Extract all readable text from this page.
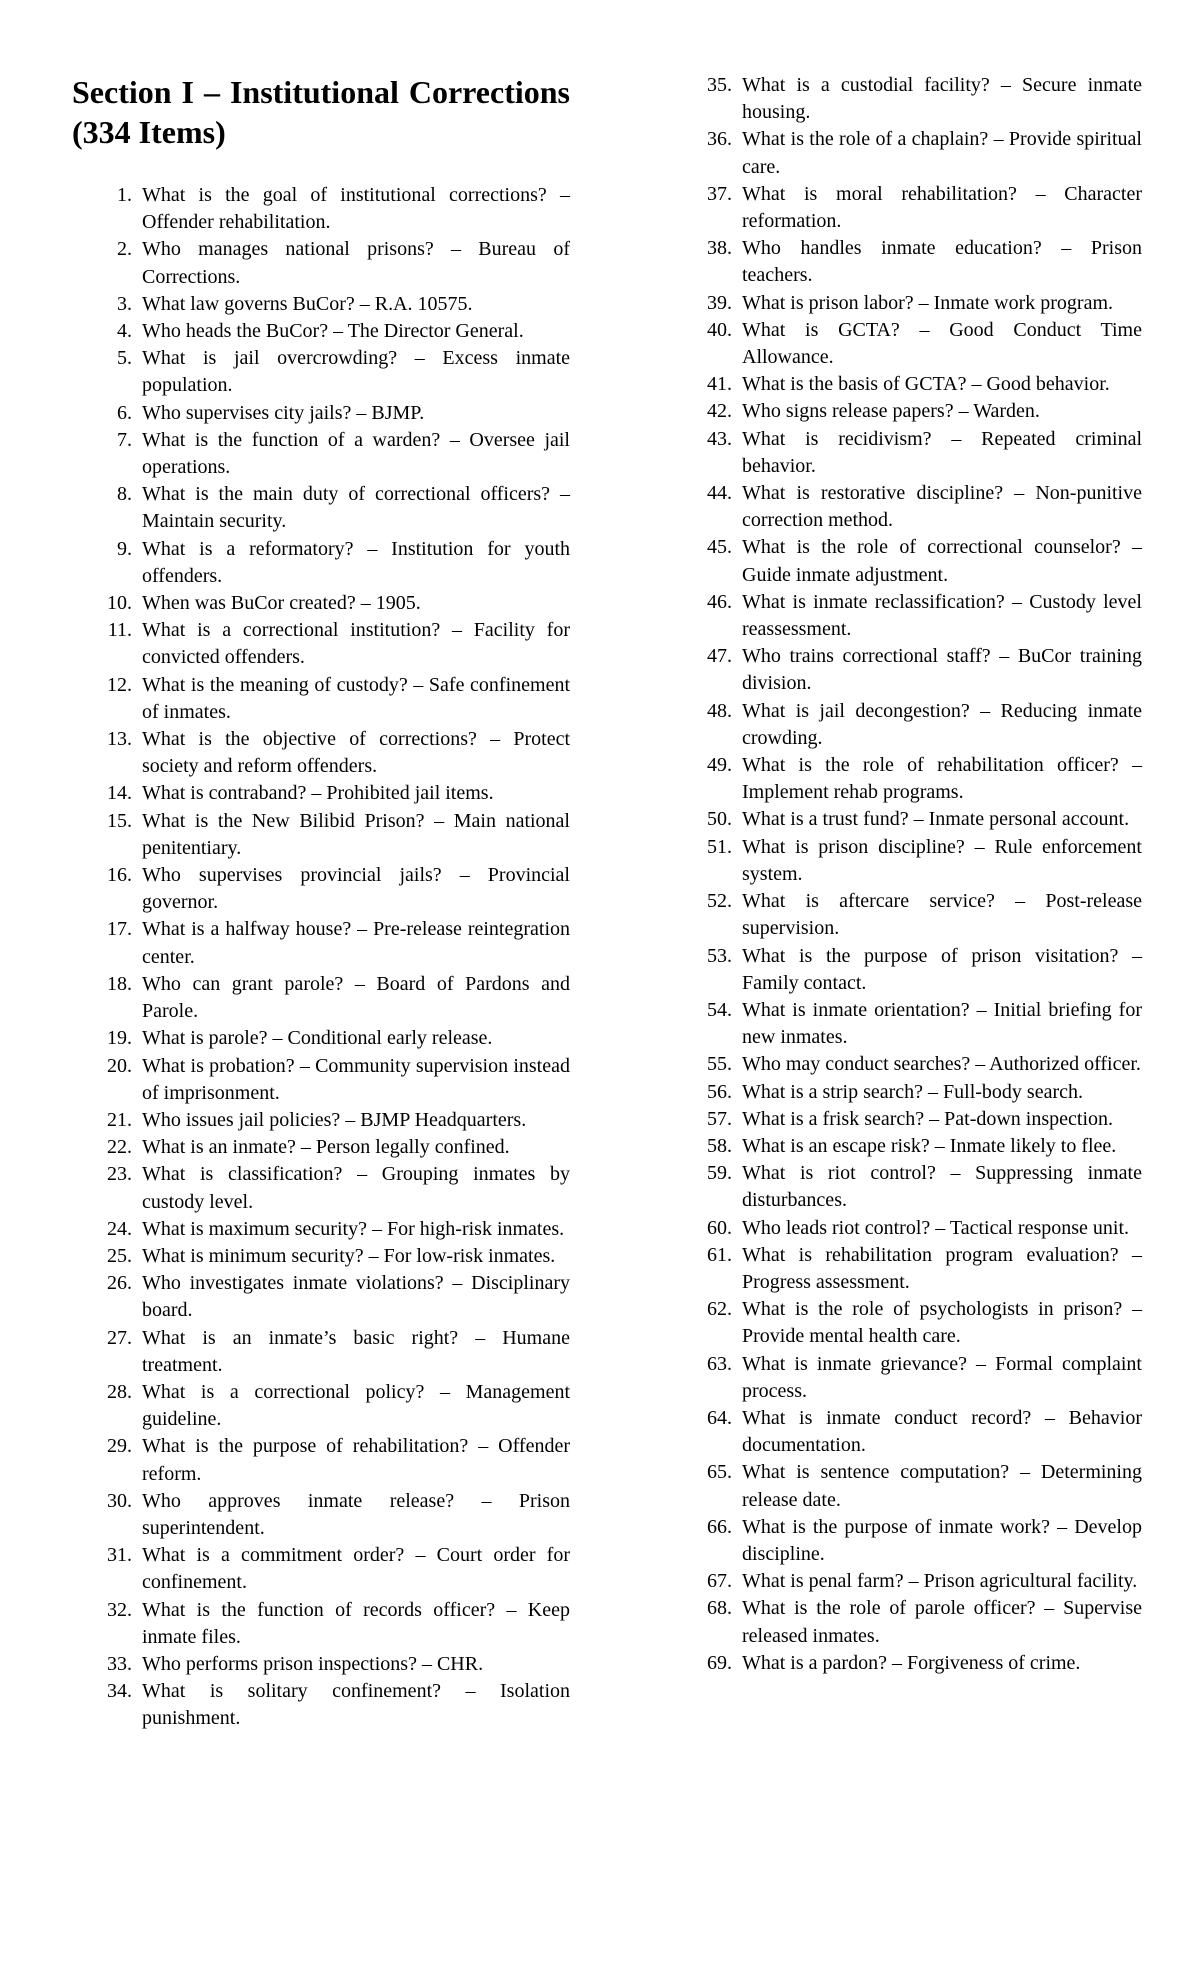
Section I – Institutional Corrections (334 Items)
1. What is the goal of institutional corrections? – Offender rehabilitation.
2. Who manages national prisons? – Bureau of Corrections.
3. What law governs BuCor? – R.A. 10575.
4. Who heads the BuCor? – The Director General.
5. What is jail overcrowding? – Excess inmate population.
6. Who supervises city jails? – BJMP.
7. What is the function of a warden? – Oversee jail operations.
8. What is the main duty of correctional officers? – Maintain security.
9. What is a reformatory? – Institution for youth offenders.
10. When was BuCor created? – 1905.
11. What is a correctional institution? – Facility for convicted offenders.
12. What is the meaning of custody? – Safe confinement of inmates.
13. What is the objective of corrections? – Protect society and reform offenders.
14. What is contraband? – Prohibited jail items.
15. What is the New Bilibid Prison? – Main national penitentiary.
16. Who supervises provincial jails? – Provincial governor.
17. What is a halfway house? – Pre-release reintegration center.
18. Who can grant parole? – Board of Pardons and Parole.
19. What is parole? – Conditional early release.
20. What is probation? – Community supervision instead of imprisonment.
21. Who issues jail policies? – BJMP Headquarters.
22. What is an inmate? – Person legally confined.
23. What is classification? – Grouping inmates by custody level.
24. What is maximum security? – For high-risk inmates.
25. What is minimum security? – For low-risk inmates.
26. Who investigates inmate violations? – Disciplinary board.
27. What is an inmate’s basic right? – Humane treatment.
28. What is a correctional policy? – Management guideline.
29. What is the purpose of rehabilitation? – Offender reform.
30. Who approves inmate release? – Prison superintendent.
31. What is a commitment order? – Court order for confinement.
32. What is the function of records officer? – Keep inmate files.
33. Who performs prison inspections? – CHR.
34. What is solitary confinement? – Isolation punishment.
35. What is a custodial facility? – Secure inmate housing.
36. What is the role of a chaplain? – Provide spiritual care.
37. What is moral rehabilitation? – Character reformation.
38. Who handles inmate education? – Prison teachers.
39. What is prison labor? – Inmate work program.
40. What is GCTA? – Good Conduct Time Allowance.
41. What is the basis of GCTA? – Good behavior.
42. Who signs release papers? – Warden.
43. What is recidivism? – Repeated criminal behavior.
44. What is restorative discipline? – Non-punitive correction method.
45. What is the role of correctional counselor? – Guide inmate adjustment.
46. What is inmate reclassification? – Custody level reassessment.
47. Who trains correctional staff? – BuCor training division.
48. What is jail decongestion? – Reducing inmate crowding.
49. What is the role of rehabilitation officer? – Implement rehab programs.
50. What is a trust fund? – Inmate personal account.
51. What is prison discipline? – Rule enforcement system.
52. What is aftercare service? – Post-release supervision.
53. What is the purpose of prison visitation? – Family contact.
54. What is inmate orientation? – Initial briefing for new inmates.
55. Who may conduct searches? – Authorized officer.
56. What is a strip search? – Full-body search.
57. What is a frisk search? – Pat-down inspection.
58. What is an escape risk? – Inmate likely to flee.
59. What is riot control? – Suppressing inmate disturbances.
60. Who leads riot control? – Tactical response unit.
61. What is rehabilitation program evaluation? – Progress assessment.
62. What is the role of psychologists in prison? – Provide mental health care.
63. What is inmate grievance? – Formal complaint process.
64. What is inmate conduct record? – Behavior documentation.
65. What is sentence computation? – Determining release date.
66. What is the purpose of inmate work? – Develop discipline.
67. What is penal farm? – Prison agricultural facility.
68. What is the role of parole officer? – Supervise released inmates.
69. What is a pardon? – Forgiveness of crime.
